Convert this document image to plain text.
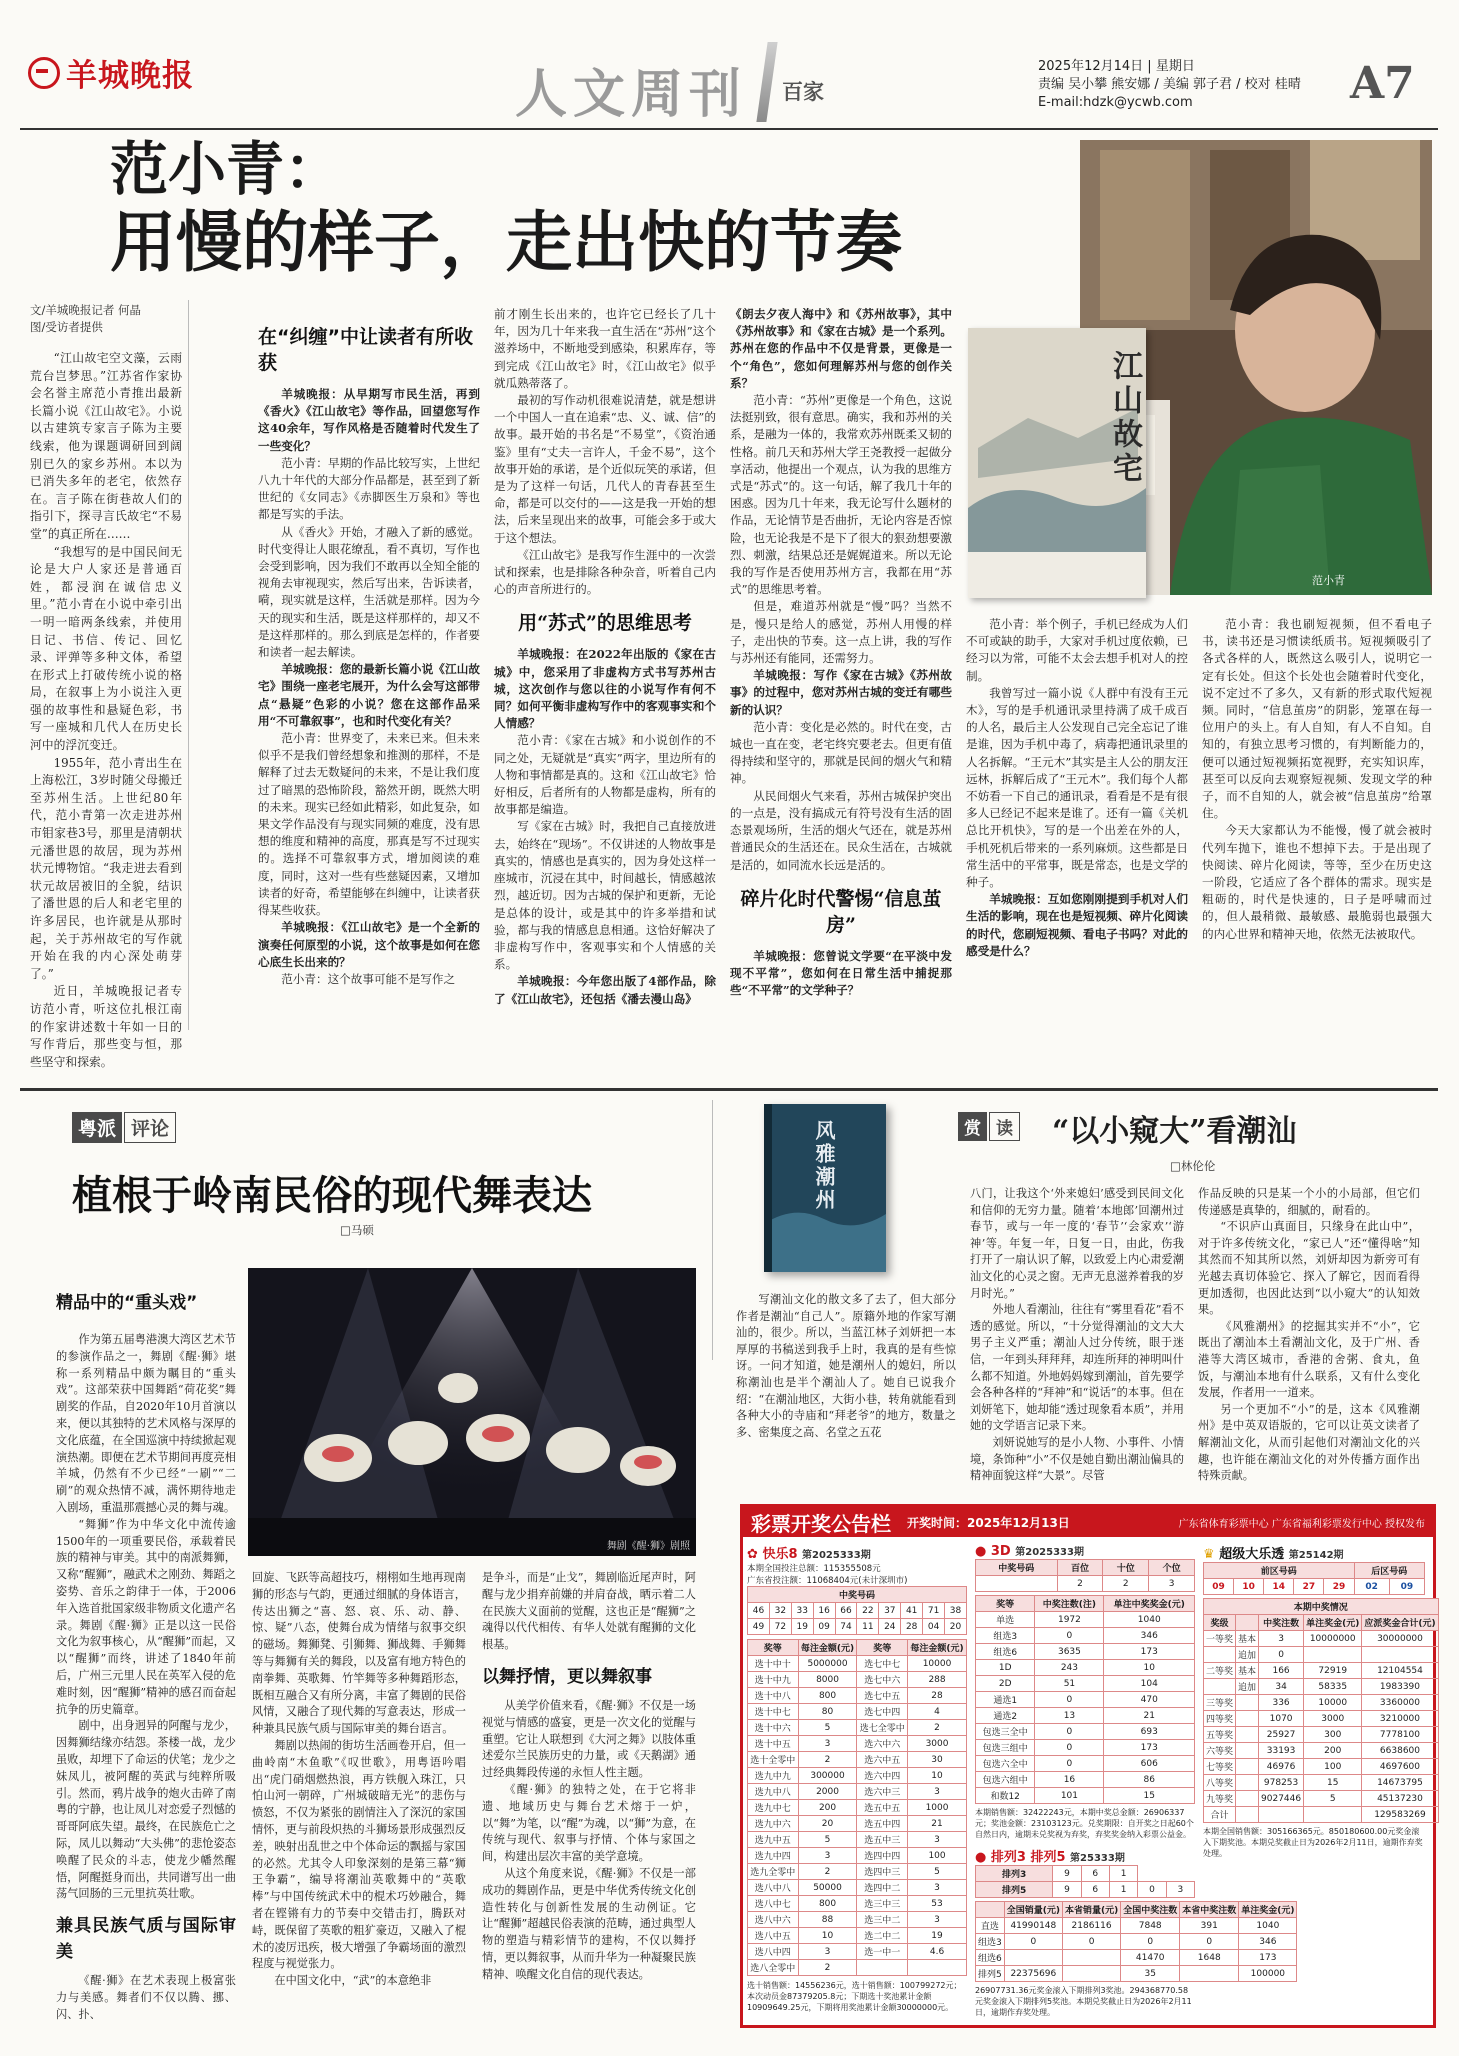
羊城晚报	人文周刊 百家
2025年12月14日 | 星期日
责编 吴小攀 熊安娜 / 美编 郭子君 / 校对 桂晴
E-mail:hdzk@ycwb.com	A7
范小青：
用慢的样子，走出快的节奏
范小青
江山故宅
文/羊城晚报记者 何晶
图/受访者提供

“江山故宅空文藻，云雨荒台岂梦思。”江苏省作家协会名誉主席范小青推出最新长篇小说《江山故宅》。小说以古建筑专家言子陈为主要线索，他为课题调研回到阔别已久的家乡苏州。本以为已消失多年的老宅，依然存在。言子陈在街巷故人们的指引下，探寻言氏故宅“不易堂”的真正所在……

“我想写的是中国民间无论是大户人家还是普通百姓，都浸润在诚信忠义里。”范小青在小说中牵引出一明一暗两条线索，并使用日记、书信、传记、回忆录、评弹等多种文体，希望在形式上打破传统小说的格局，在叙事上为小说注入更强的故事性和悬疑色彩，书写一座城和几代人在历史长河中的浮沉变迁。

1955年，范小青出生在上海松江，3岁时随父母搬迁至苏州生活。上世纪80年代，范小青第一次走进苏州市钼家巷3号，那里是清朝状元潘世恩的故居，现为苏州状元博物馆。“我走进去看到状元故居被旧的全貌，结识了潘世恩的后人和老宅里的许多居民，也许就是从那时起，关于苏州故宅的写作就开始在我的内心深处萌芽了。”

近日，羊城晚报记者专访范小青，听这位扎根江南的作家讲述数十年如一日的写作背后，那些变与恒，那些坚守和探索。

在“纠缠”中让读者有所收获

羊城晚报：从早期写市民生活，再到《香火》《江山故宅》等作品，回望您写作这40余年，写作风格是否随着时代发生了一些变化？

范小青：早期的作品比较写实，上世纪八九十年代的大部分作品都是，甚至到了新世纪的《女同志》《赤脚医生万泉和》等也都是写实的手法。

从《香火》开始，才融入了新的感觉。时代变得让人眼花缭乱，看不真切，写作也会受到影响，因为我们不敢再以全知全能的视角去审视现实，然后写出来，告诉读者，嗬，现实就是这样，生活就是那样。因为今天的现实和生活，既是这样那样的，却又不是这样那样的。那么到底是怎样的，作者要和读者一起去解读。

羊城晚报：您的最新长篇小说《江山故宅》围绕一座老宅展开，为什么会写这部带点“悬疑”色彩的小说？您在这部作品采用“不可靠叙事”，也和时代变化有关？

范小青：世界变了，未来已来。但未来似乎不是我们曾经想象和推测的那样，不是解释了过去无数疑问的未来，不是让我们度过了暗黑的恐怖阶段，豁然开朗，既然大明的未来。现实已经如此精彩，如此复杂，如果文学作品没有与现实同频的难度，没有思想的维度和精神的高度，那真是写不过现实的。选择不可靠叙事方式，增加阅读的难度，同时，这对一些有些慈疑因素，又增加读者的好奇，希望能够在纠缠中，让读者获得某些收获。

羊城晚报：《江山故宅》是一个全新的演奏任何原型的小说，这个故事是如何在您心底生长出来的？

范小青：这个故事可能不是写作之

前才刚生长出来的，也许它已经长了几十年，因为几十年来我一直生活在“苏州”这个滋养场中，不断地受到感染，积累库存，等到完成《江山故宅》时，《江山故宅》似乎就瓜熟蒂落了。

最初的写作动机很难说清楚，就是想讲一个中国人一直在追索“忠、义、诚、信”的故事。最开始的书名是“不易堂”，《资治通鉴》里有“丈夫一言许人，千金不易”，这个故事开始的承诺，是个近似玩笑的承诺，但是为了这样一句话，几代人的青春甚至生命，都是可以交付的——这是我一开始的想法，后来呈现出来的故事，可能会多于或大于这个想法。

《江山故宅》是我写作生涯中的一次尝试和探索，也是排除各种杂音，听着自己内心的声音所进行的。

用“苏式”的思维思考

羊城晚报：在2022年出版的《家在古城》中，您采用了非虚构方式书写苏州古城，这次创作与您以往的小说写作有何不同？如何平衡非虚构写作中的客观事实和个人情感？

范小青：《家在古城》和小说创作的不同之处，无疑就是“真实”两字，里边所有的人物和事情都是真的。这和《江山故宅》恰好相反，后者所有的人物都是虚构，所有的故事都是编造。

写《家在古城》时，我把自己直接放进去，始终在“现场”。不仅讲述的人物故事是真实的，情感也是真实的，因为身处这样一座城市，沉浸在其中，时间越长，情感越浓烈，越近切。因为古城的保护和更新，无论是总体的设计，或是其中的许多举措和试验，都与我的情感息息相通。这恰好解决了非虚构写作中，客观事实和个人情感的关系。

羊城晚报：今年您出版了4部作品，除了《江山故宅》，还包括《潘去漫山岛》

《朗去夕夜人海中》和《苏州故事》，其中《苏州故事》和《家在古城》是一个系列。苏州在您的作品中不仅是背景，更像是一个“角色”，您如何理解苏州与您的创作关系？

范小青：“苏州”更像是一个角色，这说法挺别致，很有意思。确实，我和苏州的关系，是融为一体的，我常欢苏州既柔又韧的性格。前几天和苏州大学王尧教授一起做分享活动，他提出一个观点，认为我的思维方式是“苏式”的。这一句话，解了我几十年的困惑。因为几十年来，我无论写什么题材的作品，无论情节是否曲折，无论内容是否惊险，也无论我是不是下了很大的狠劲想要激烈、刺激，结果总还是娓娓道来。所以无论我的写作是否使用苏州方言，我都在用“苏式”的思维思考着。

但是，难道苏州就是“慢”吗？当然不是，慢只是给人的感觉，苏州人用慢的样子，走出快的节奏。这一点上讲，我的写作与苏州还有能同，还需努力。

羊城晚报：写作《家在古城》《苏州故事》的过程中，您对苏州古城的变迁有哪些新的认识？

范小青：变化是必然的。时代在变，古城也一直在变，老宅终究要老去。但更有值得持续和坚守的，那就是民间的烟火气和精神。

从民间烟火气来看，苏州古城保护突出的一点是，没有搞成元有符号没有生活的固态景观场所，生活的烟火气还在，就是苏州普通民众的生活还在。民众生活在，古城就是活的，如同流水长远是活的。

碎片化时代警惕“信息茧房”

羊城晚报：您曾说文学要“在平淡中发现不平常”，您如何在日常生活中捕捉那些“不平常”的文学种子？

范小青：举个例子，手机已经成为人们不可或缺的助手，大家对手机过度依赖，已经习以为常，可能不太会去想手机对人的控制。

我曾写过一篇小说《人群中有没有王元木》，写的是手机通讯录里持满了成千成百的人名，最后主人公发现自己完全忘记了谁是谁，因为手机中毒了，病毒把通讯录里的人名拆解。“王元木”其实是主人公的朋友汪远林，拆解后成了“王元木”。我们每个人都不妨看一下自己的通讯录，看看是不是有很多人已经记不起来是谁了。还有一篇《关机总比开机快》，写的是一个出差在外的人，手机死机后带来的一系列麻烦。这些都是日常生活中的平常事，既是常态，也是文学的种子。

羊城晚报：互如您刚刚提到手机对人们生活的影响，现在也是短视频、碎片化阅读的时代，您刷短视频、看电子书吗？对此的感受是什么？

范小青：我也刷短视频，但不看电子书，读书还是习惯读纸质书。短视频吸引了各式各样的人，既然这么吸引人，说明它一定有长处。但这个长处也会随着时代变化，说不定过不了多久，又有新的形式取代短视频。同时，“信息茧房”的阴影，笼罩在每一位用户的头上。有人自知，有人不自知。自知的，有独立思考习惯的，有判断能力的，便可以通过短视频拓宽视野，充实知识库，甚至可以反向去观察短视频、发现文学的种子，而不自知的人，就会被“信息茧房”给罩住。

今天大家都认为不能慢，慢了就会被时代列车抛下，谁也不想掉下去。于是出现了快阅读、碎片化阅读，等等，至少在历史这一阶段，它适应了各个群体的需求。现实是粗砺的，时代是快速的，日子是呼啸而过的，但人最稍微、最敏感、最脆弱也最强大的内心世界和精神天地，依然无法被取代。

粤派 评论
植根于岭南民俗的现代舞表达
□马硕
舞剧《醒·狮》剧照
精品中的“重头戏”

作为第五届粤港澳大湾区艺术节的参演作品之一，舞剧《醒·狮》堪称一系列精品中颇为瞩目的“重头戏”。这部荣获中国舞蹈“荷花奖”舞剧奖的作品，自2020年10月首演以来，便以其独特的艺术风格与深厚的文化底蕴，在全国巡演中持续掀起观演热潮。即便在艺术节期间再度亮相羊城，仍然有不少已经“一刷”“二刷”的观众热情不减，满怀期待地走入剧场，重温那震撼心灵的舞与魂。

“舞狮”作为中华文化中流传逾1500年的一项重要民俗，承载着民族的精神与审美。其中的南派舞狮，又称“醒狮”，融武术之刚劲、舞蹈之姿势、音乐之韵律于一体，于2006年入选首批国家级非物质文化遗产名录。舞剧《醒·狮》正是以这一民俗文化为叙事核心，从“醒狮”而起，又以“醒狮”而终，讲述了1840年前后，广州三元里人民在英军入侵的危难时刻，因“醒狮”精神的感召而奋起抗争的历史篇章。

剧中，出身迥异的阿醒与龙少，因舞狮结缘亦结怨。茶楼一战，龙少虽败，却埋下了命运的伏笔；龙少之妹凤儿，被阿醒的英武与纯粹所吸引。然而，鸦片战争的炮火击碎了南粤的宁静，也让凤儿对恋爱子烈憾的哥哥阿底失望。最终，在民族危亡之际，凤儿以舞动“大头佛”的悲怆姿态唤醒了民众的斗志，使龙少幡然醒悟，阿醒挺身而出，共同谱写出一曲荡气回肠的三元里抗英壮歌。

兼具民族气质与国际审美

《醒·狮》在艺术表现上极富张力与美感。舞者们不仅以腾、挪、闪、扑、

回旋、飞跃等高超技巧，栩栩如生地再现南狮的形态与气韵，更通过细腻的身体语言，传达出狮之“喜、怒、哀、乐、动、静、惊、疑”八态，使舞台成为情绪与叙事交织的磁场。舞狮凳、引狮舞、狮战舞、手狮舞等与舞狮有关的舞段，以及富有地方特色的南拳舞、英歌舞、竹竿舞等多种舞蹈形态，既相互融合又有所分离，丰富了舞剧的民俗风情，又融合了现代舞的写意表达，形成一种兼具民族气质与国际审美的舞台语言。

舞剧以热闹的街坊生活画卷开启，但一曲岭南“木鱼歌”《叹世歌》，用粤语吟唱出“虎门硝烟燃热浪，再方铁舰入珠江，只怕山河一朝碎，广州城破暗无光”的悲伤与愤怒，不仅为紧张的剧情注入了深沉的家国情怀，更与前段炽热的斗狮场景形成强烈反差，映射出乱世之中个体命运的飘摇与家国的必然。尤其令人印象深刻的是第三幕“狮王争霸”，编导将潮汕英歌舞中的“英歌棒”与中国传统武术中的棍术巧妙融合，舞者在铿锵有力的节奏中交错击打，腾跃对峙，既保留了英歌的粗犷豪迈，又融入了棍术的凌厉迅疾，极大增强了争霸场面的激烈程度与视觉张力。

在中国文化中，“武”的本意绝非

是争斗，而是“止戈”，舞剧临近尾声时，阿醒与龙少捐弃前嫌的并肩奋战，晒示着二人在民族大义面前的觉醒，这也正是“醒狮”之魂得以代代相传、有华人处就有醒狮的文化根基。

以舞抒情，更以舞叙事

从美学价值来看，《醒·狮》不仅是一场视觉与情感的盛宴，更是一次文化的觉醒与重塑。它让人联想到《大河之舞》以肢体重述爱尔兰民族历史的力量，或《天鹅湖》通过经典舞段传递的永恒人性主题。

《醒·狮》的独特之处，在于它将非遗、地域历史与舞台艺术熔于一炉，以“舞”为笔，以“醒”为魂，以“狮”为意，在传统与现代、叙事与抒情、个体与家国之间，构建出层次丰富的美学意境。

从这个角度来说，《醒·狮》不仅是一部成功的舞剧作品，更是中华优秀传统文化创造性转化与创新性发展的生动例证。它让“醒狮”超越民俗表演的范畴，通过典型人物的塑造与精彩情节的建构，不仅以舞抒情，更以舞叙事，从而升华为一种凝聚民族精神、唤醒文化自信的现代表达。

风雅潮州

写潮汕文化的散文多了去了，但大部分作者是潮汕“自己人”。原籍外地的作家写潮汕的，很少。所以，当蓝江林子刘妍把一本厚厚的书稿送到我手上时，我真的是有些惊讶。一问才知道，她是潮州人的媳妇，所以称潮汕也是半个潮汕人了。她自已说我介绍：“在潮汕地区，大街小巷，转角就能看到各种大小的寺庙和“拜老爷”的地方，数量之多、密集度之高、名堂之五花

赏 读 “以小窥大”看潮汕
□林伦伦

八门，让我这个‘外来媳妇’感受到民间文化和信仰的无穷力量。随着‘本地郎’回潮州过春节，或与一年一度的‘春节’‘会家欢’‘游神’等。年复一年，日复一日，由此，伤我打开了一扇认识了解，以致爱上内心肃爱潮汕文化的心灵之窗。无声无息滋养着我的岁月时光。”

外地人看潮汕，往往有“雾里看花”看不透的感觉。所以，“十分觉得潮汕的文大大男子主义严重；潮汕人过分传统，眼于迷信，一年到头拜拜拜，却连所拜的神明叫什么都不知道。外地妈妈嫁到潮汕，首先要学会各种各样的“拜神”和“说话”的本事。但在刘妍笔下，她却能“透过现象看本质”，并用她的文学语言记录下来。

刘妍说她写的是小人物、小事件、小情境，条饰种“小”不仅是她自勤出潮汕偏具的精神面貌这样“大景”。尽管

作品反映的只是某一个小的小局部，但它们传递感是真挚的，细腻的，耐看的。

“不识庐山真面目，只缘身在此山中”，对于许多传统文化，“家已人”还“懂得啥”知其然而不知其所以然，刘妍却因为新旁可有光越去真切体验它、探入了解它，因而看得更加透彻，也因此达到“以小窥大”的认知效果。

《风雅潮州》的挖掘其实并不“小”，它既出了潮汕本土看潮汕文化，及于广州、香港等大湾区城市，香港的舍粥、食丸，鱼饭，与潮汕本地有什么联系，又有什么变化发展，作者用一一道来。

另一个更加不“小”的是，这本《风雅潮州》是中英双语版的，它可以让英文读者了解潮汕文化，从而引起他们对潮汕文化的兴趣，也许能在潮汕文化的对外传播方面作出特殊贡献。

彩票开奖公告栏 开奖时间：2025年12月13日	广东省体育彩票中心 广东省福利彩票发行中心 授权发布
✿ 快乐8 第2025333期
本期全国投注总额：115355508元
广东省投注额：11068404元(未计深圳市)
中奖号码									
46	32	33	16	66	22	37	41	71	38
49	72	19	09	74	11	24	28	04	20
奖等	每注金额(元)	奖等	每注金额(元)
选十中十	5000000	选七中七	10000
选十中九	8000	选七中六	288
选十中八	800	选七中五	28
选十中七	80	选七中四	4
选十中六	5	选七全零中	2
选十中五	3	选六中六	3000
选十全零中	2	选六中五	30
选九中九	300000	选六中四	10
选九中八	2000	选六中三	3
选九中七	200	选五中五	1000
选九中六	20	选五中四	21
选九中五	5	选五中三	3
选九中四	3	选四中四	100
选九全零中	2	选四中三	5
选八中八	50000	选四中二	3
选八中七	800	选三中三	53
选八中六	88	选三中二	3
选八中五	10	选二中二	19
选八中四	3	选一中一	4.6
选八全零中	2		
选十销售额：14556236元，选十销售额：100799272元；本次动员金87379205.8元；下期选十奖池累计金额10909649.25元，下期将用奖池累计金额30000000元。
● 3D 第2025333期
中奖号码	百位	十位	个位
	2	2	3
奖等	中奖注数(注)	单注中奖奖金(元)
单选	1972	1040
组选3	0	346
组选6	3635	173
1D	243	10
2D	51	104
通选1	0	470
通选2	13	21
包选三全中	0	693
包选三组中	0	173
包选六全中	0	606
包选六组中	16	86
和数12	101	15
本期销售额：32422243元，本期中奖总金额：26906337元；奖池金额：23103123元。兑奖期限：自开奖之日起60个自然日内，逾期未兑奖视为弃奖，弃奖奖金纳入彩票公益金。
● 排列3 排列5 第25333期
排列3	9	6	1		
排列5	9	6	1	0	3
	全国销量(元)	本省销量(元)	全国中奖注数	本省中奖注数	单注奖金(元)
直选	41990148	2186116	7848	391	1040
组选3	0	0	0	0	346
组选6			41470	1648	173
排列5	22375696		35		100000
26907731.36元奖金滚入下期排列3奖池。294368770.58元奖金滚入下期排列5奖池。本期兑奖截止日为2026年2月11日，逾期作弃奖处理。
♛ 超级大乐透 第25142期
前区号码					后区号码	
09	10	14	27	29	02	09
本期中奖情况				
奖级		中奖注数	单注奖金(元)	应派奖金合计(元)
一等奖	基本	3	10000000	30000000
	追加	0		
二等奖	基本	166	72919	12104554
	追加	34	58335	1983390
三等奖		336	10000	3360000
四等奖		1070	3000	3210000
五等奖		25927	300	7778100
六等奖		33193	200	6638600
七等奖		46976	100	4697600
八等奖		978253	15	14673795
九等奖		9027446	5	45137230
合计				129583269
本期全国销售额：305166365元。850180600.00元奖金滚入下期奖池。本期兑奖截止日为2026年2月11日，逾期作弃奖处理。
